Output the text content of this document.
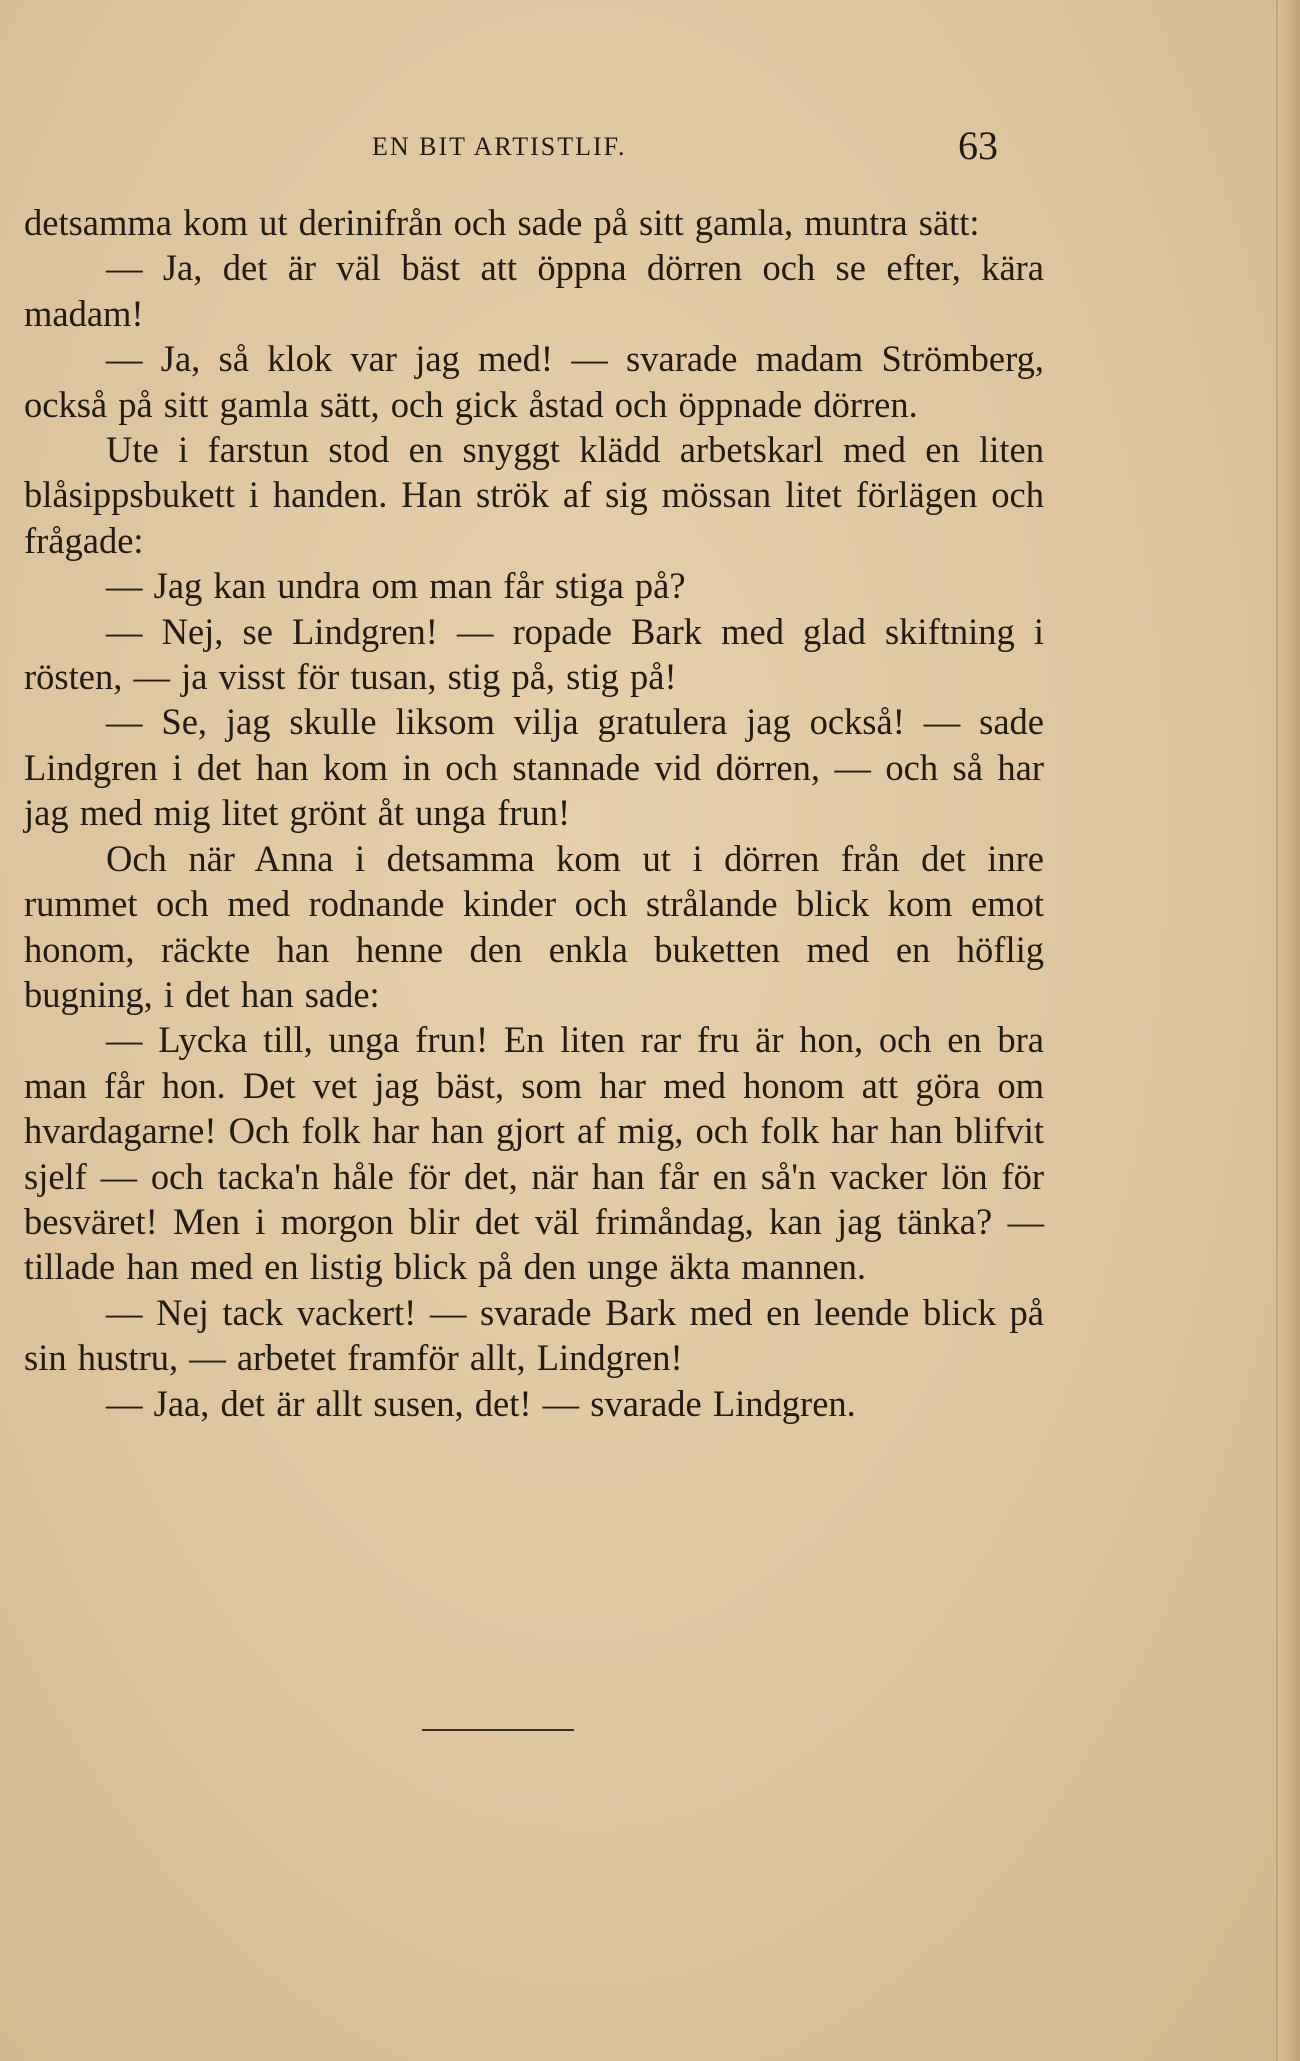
EN BIT ARTISTLIF.	63

detsamma kom ut derinifrån och sade på sitt gamla, muntra sätt:

— Ja, det är väl bäst att öppna dörren och se efter, kära madam!

— Ja, så klok var jag med! — svarade madam Strömberg, också på sitt gamla sätt, och gick åstad och öppnade dörren.

Ute i farstun stod en snyggt klädd arbetskarl med en liten blåsippsbukett i handen. Han strök af sig mössan litet förlägen och frågade:

— Jag kan undra om man får stiga på?

— Nej, se Lindgren! — ropade Bark med glad skiftning i rösten, — ja visst för tusan, stig på, stig på!

— Se, jag skulle liksom vilja gratulera jag också! — sade Lindgren i det han kom in och stannade vid dörren, — och så har jag med mig litet grönt åt unga frun!

Och när Anna i detsamma kom ut i dörren från det inre rummet och med rodnande kinder och strålande blick kom emot honom, räckte han henne den enkla buketten med en höflig bugning, i det han sade:

— Lycka till, unga frun! En liten rar fru är hon, och en bra man får hon. Det vet jag bäst, som har med honom att göra om hvardagarne! Och folk har han gjort af mig, och folk har han blifvit sjelf — och tacka'n håle för det, när han får en så'n vacker lön för besväret! Men i morgon blir det väl frimåndag, kan jag tänka? — tillade han med en listig blick på den unge äkta mannen.

— Nej tack vackert! — svarade Bark med en leende blick på sin hustru, — arbetet framför allt, Lindgren!

— Jaa, det är allt susen, det! — svarade Lindgren.
